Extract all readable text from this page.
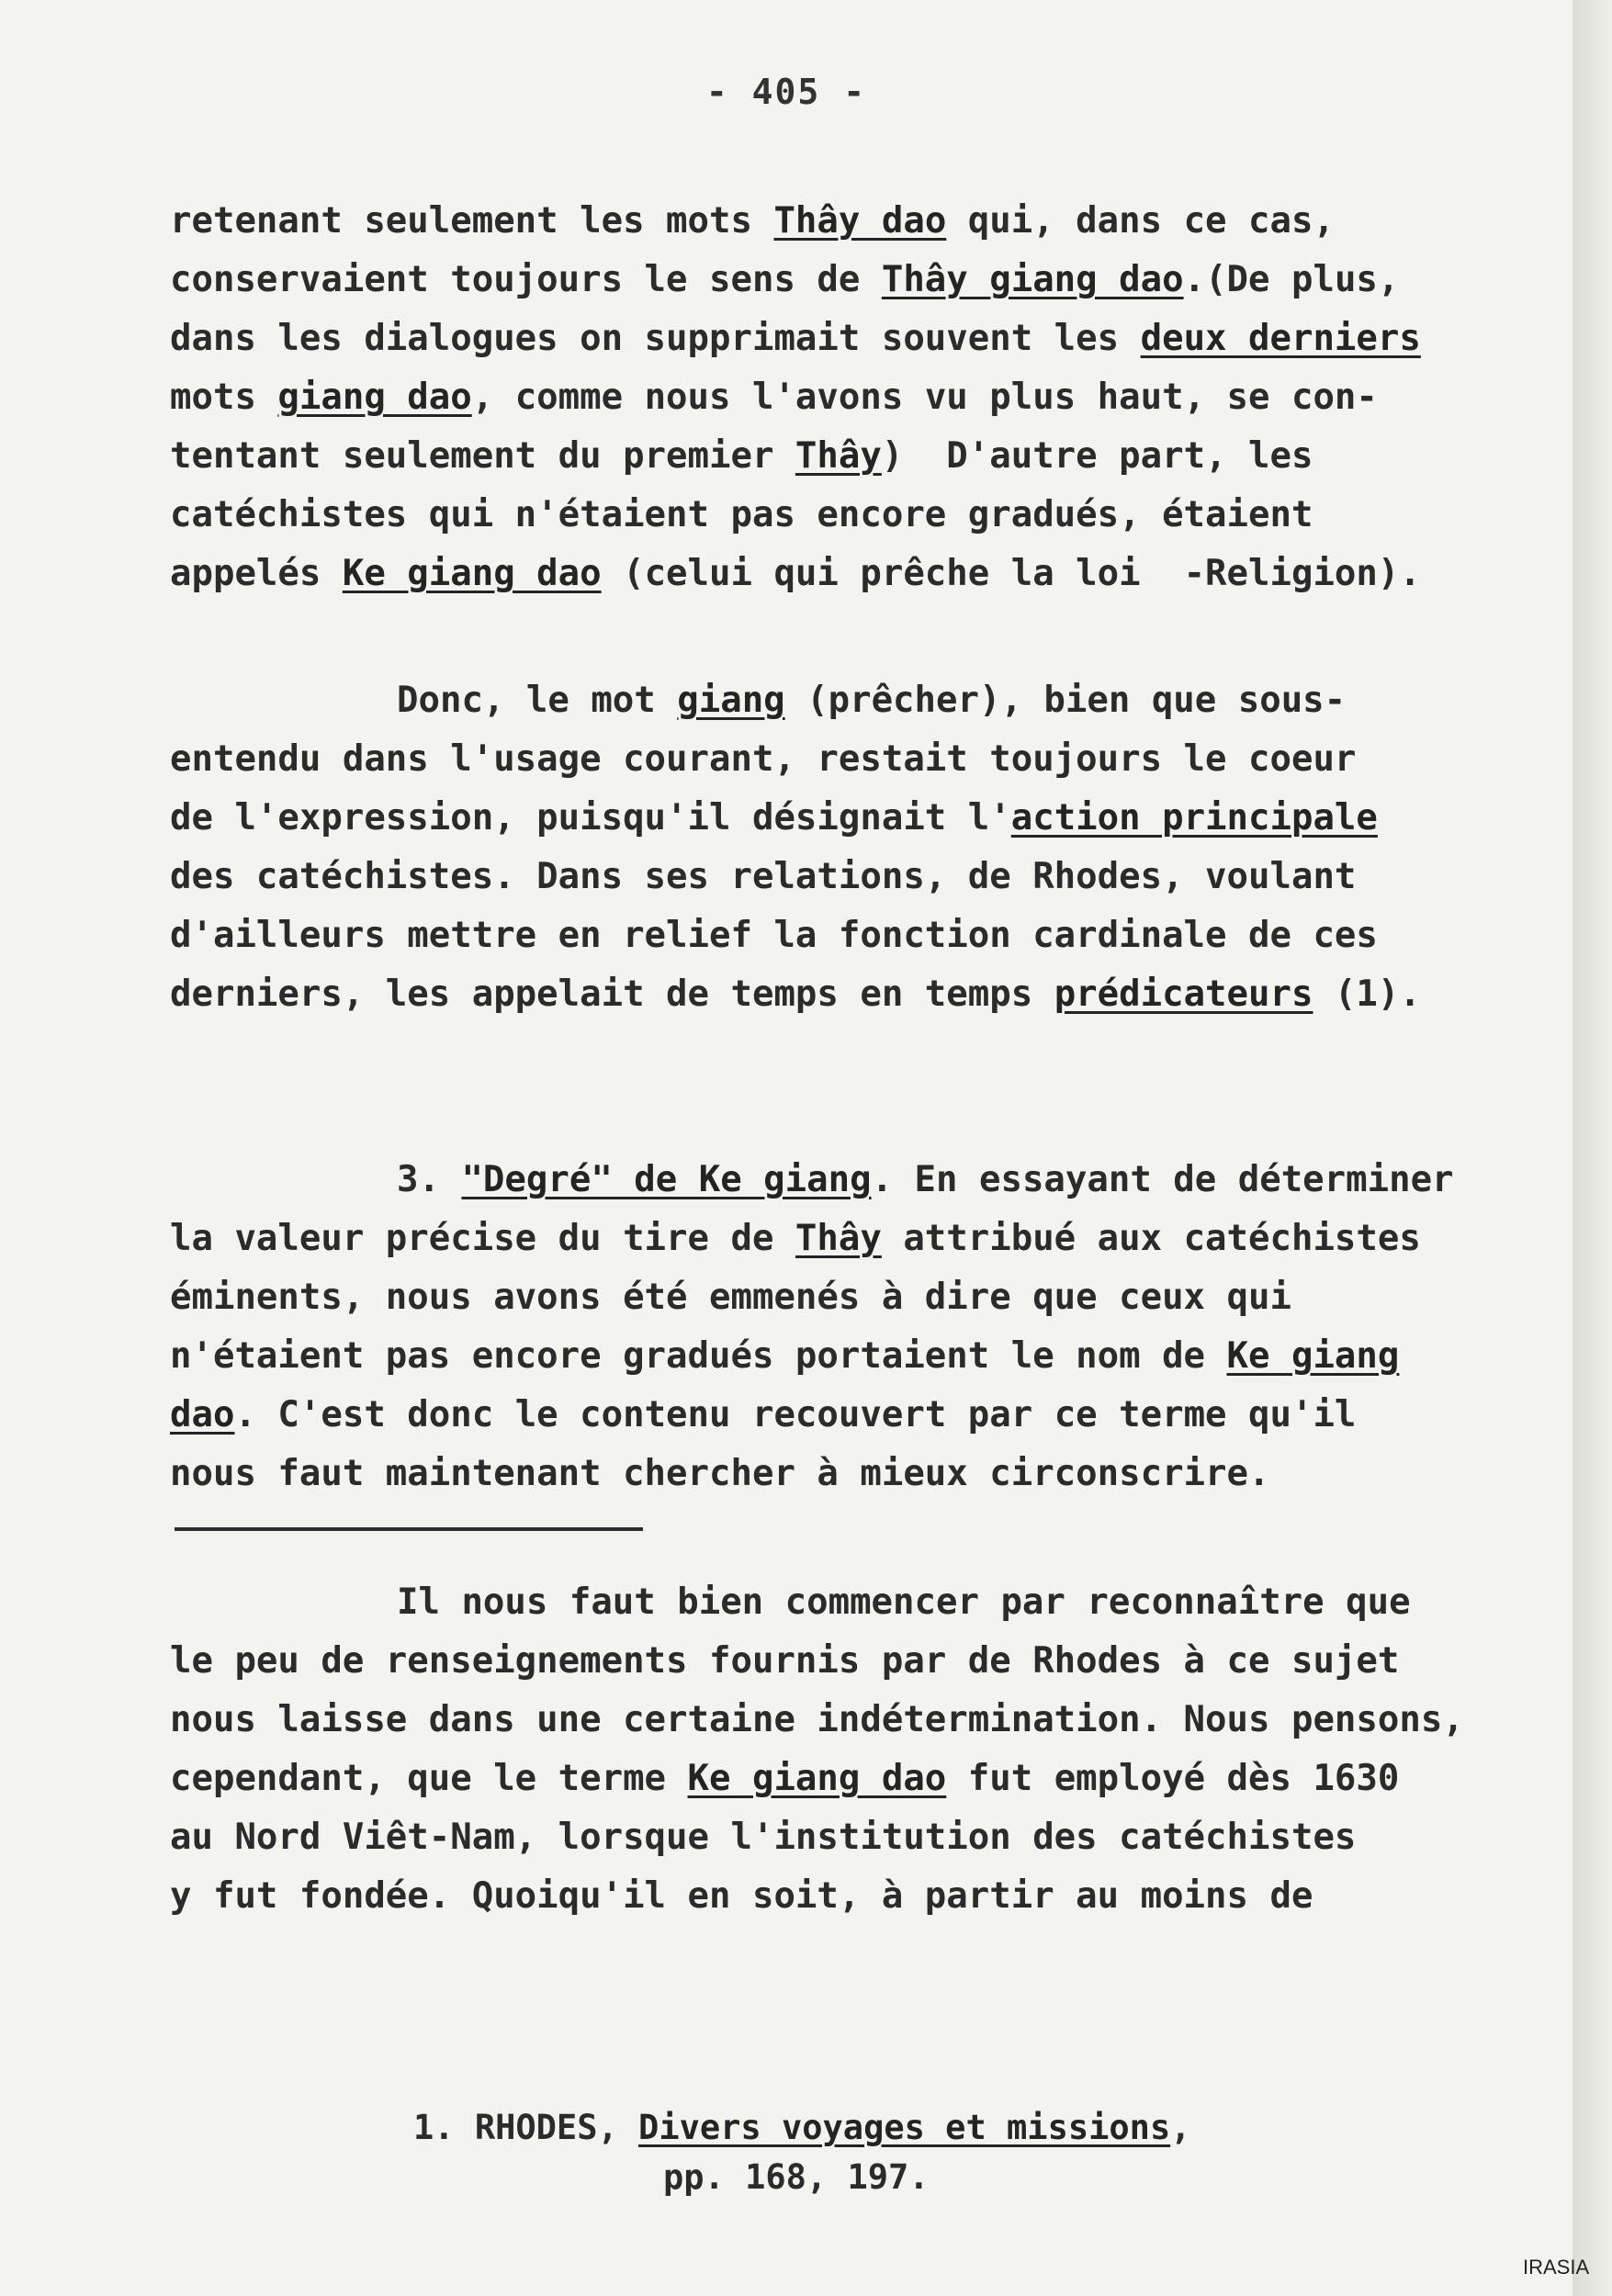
- 405 -
retenant seulement les mots Thây dao qui, dans ce cas,
conservaient toujours le sens de Thây giang dao.(De plus,
dans les dialogues on supprimait souvent les deux derniers
mots giang dao, comme nous l'avons vu plus haut, se con-
tentant seulement du premier Thây)  D'autre part, les
catéchistes qui n'étaient pas encore gradués, étaient
appelés Ke giang dao (celui qui prêche la loi  -Religion).
Donc, le mot giang (prêcher), bien que sous-
entendu dans l'usage courant, restait toujours le coeur
de l'expression, puisqu'il désignait l'action principale
des catéchistes. Dans ses relations, de Rhodes, voulant
d'ailleurs mettre en relief la fonction cardinale de ces
derniers, les appelait de temps en temps prédicateurs (1).
3. "Degré" de Ke giang. En essayant de déterminer
la valeur précise du tire de Thây attribué aux catéchistes
éminents, nous avons été emmenés à dire que ceux qui
n'étaient pas encore gradués portaient le nom de Ke giang
dao. C'est donc le contenu recouvert par ce terme qu'il
nous faut maintenant chercher à mieux circonscrire.
Il nous faut bien commencer par reconnaître que
le peu de renseignements fournis par de Rhodes à ce sujet
nous laisse dans une certaine indétermination. Nous pensons,
cependant, que le terme Ke giang dao fut employé dès 1630
au Nord Viêt-Nam, lorsque l'institution des catéchistes
y fut fondée. Quoiqu'il en soit, à partir au moins de
1. RHODES, Divers voyages et missions,
pp. 168, 197.
IRASIA
